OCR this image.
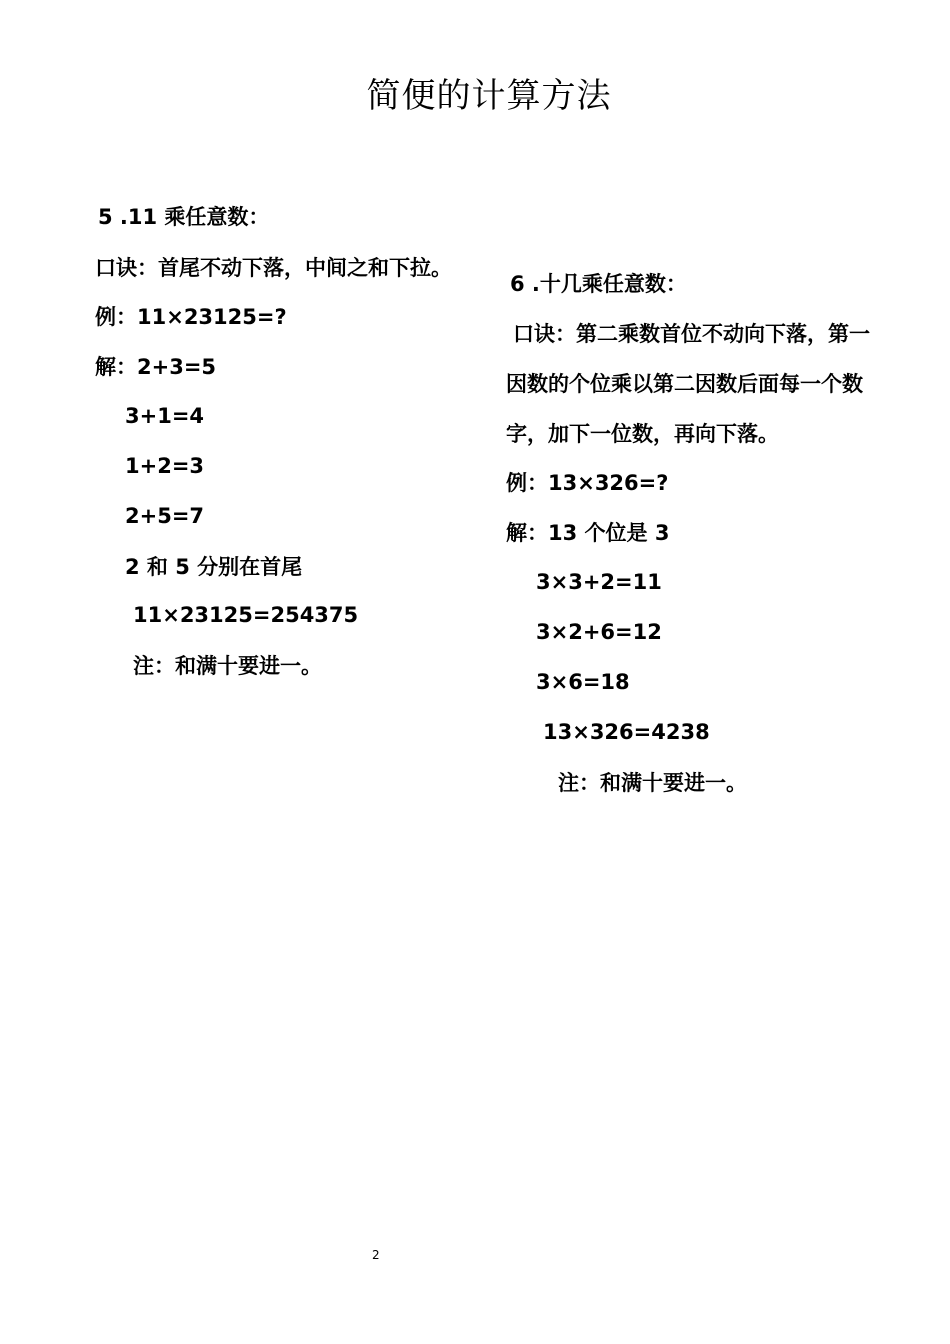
简便的计算方法
5 .11 乘任意数：
口诀：首尾不动下落，中间之和下拉。
例：11×23125=?
解：2+3=5
3+1=4
1+2=3
2+5=7
2 和 5 分别在首尾
11×23125=254375
注：和满十要进一。
6 .十几乘任意数：
口诀：第二乘数首位不动向下落，第一
因数的个位乘以第二因数后面每一个数
字，加下一位数，再向下落。
例：13×326=?
解：13 个位是 3
3×3+2=11
3×2+6=12
3×6=18
13×326=4238
注：和满十要进一。
2
